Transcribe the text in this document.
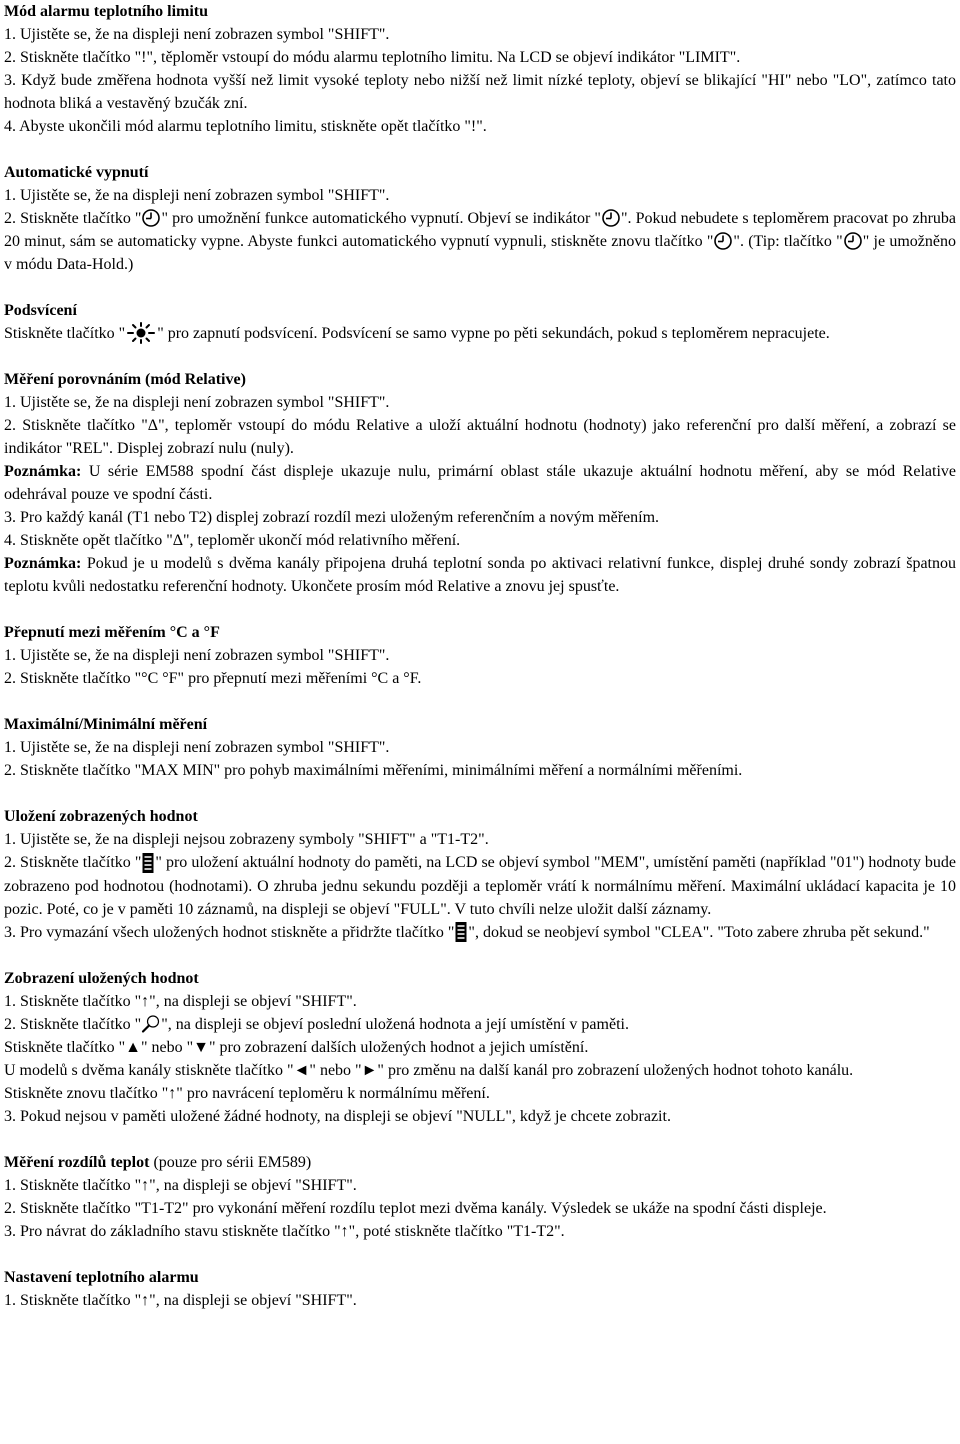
Mód alarmu teplotního limitu
1. Ujistěte se, že na displeji není zobrazen symbol "SHIFT".
2. Stiskněte tlačítko "!", těploměr vstoupí do módu alarmu teplotního limitu. Na LCD se objeví indikátor "LIMIT".
3. Když bude změřena hodnota vyšší než limit vysoké teploty nebo nižší než limit nízké teploty, objeví se blikající "HI" nebo "LO", zatímco tato hodnota bliká a vestavěný bzučák zní.
4. Abyste ukončili mód alarmu teplotního limitu, stiskněte opět tlačítko "!".
Automatické vypnutí
1. Ujistěte se, že na displeji není zobrazen symbol "SHIFT".
2. Stiskněte tlačítko " " pro umožnění funkce automatického vypnutí. Objeví se indikátor " ". Pokud nebudete s teploměrem pracovat po zhruba 20 minut, sám se automaticky vypne. Abyste funkci automatického vypnutí vypnuli, stiskněte znovu tlačítko " ". (Tip: tlačítko " " je umožněno v módu Data-Hold.)
Podsvícení
Stiskněte tlačítko " " pro zapnutí podsvícení. Podsvícení se samo vypne po pěti sekundách, pokud s teploměrem nepracujete.
Měření porovnáním (mód Relative)
1. Ujistěte se, že na displeji není zobrazen symbol "SHIFT".
2. Stiskněte tlačítko "Δ", teploměr vstoupí do módu Relative a uloží aktuální hodnotu (hodnoty) jako referenční pro další měření, a zobrazí se indikátor "REL". Displej zobrazí nulu (nuly).
Poznámka: U série EM588 spodní část displeje ukazuje nulu, primární oblast stále ukazuje aktuální hodnotu měření, aby se mód Relative odehrával pouze ve spodní části.
3. Pro každý kanál (T1 nebo T2) displej zobrazí rozdíl mezi uloženým referenčním a novým měřením.
4. Stiskněte opět tlačítko "Δ", teploměr ukončí mód relativního měření.
Poznámka: Pokud je u modelů s dvěma kanály připojena druhá teplotní sonda po aktivaci relativní funkce, displej druhé sondy zobrazí špatnou teplotu kvůli nedostatku referenční hodnoty. Ukončete prosím mód Relative a znovu jej spusťte.
Přepnutí mezi měřením °C a °F
1. Ujistěte se, že na displeji není zobrazen symbol "SHIFT".
2. Stiskněte tlačítko "°C °F" pro přepnutí mezi měřeními °C a °F.
Maximální/Minimální měření
1. Ujistěte se, že na displeji není zobrazen symbol "SHIFT".
2. Stiskněte tlačítko "MAX MIN" pro pohyb maximálními měřeními, minimálními měření a normálními měřeními.
Uložení zobrazených hodnot
1. Ujistěte se, že na displeji nejsou zobrazeny symboly "SHIFT" a "T1-T2".
2. Stiskněte tlačítko " " pro uložení aktuální hodnoty do paměti, na LCD se objeví symbol "MEM", umístění paměti (například "01") hodnoty bude zobrazeno pod hodnotou (hodnotami). O zhruba jednu sekundu později a teploměr vrátí k normálnímu měření. Maximální ukládací kapacita je 10 pozic. Poté, co je v paměti 10 záznamů, na displeji se objeví "FULL". V tuto chvíli nelze uložit další záznamy.
3. Pro vymazání všech uložených hodnot stiskněte a přidržte tlačítko " ", dokud se neobjeví symbol "CLEA". "Toto zabere zhruba pět sekund."
Zobrazení uložených hodnot
1. Stiskněte tlačítko "↑", na displeji se objeví "SHIFT".
2. Stiskněte tlačítko " ", na displeji se objeví poslední uložená hodnota a její umístění v paměti.
Stiskněte tlačítko "▲" nebo "▼" pro zobrazení dalších uložených hodnot a jejich umístění.
U modelů s dvěma kanály stiskněte tlačítko "◄" nebo "►" pro změnu na další kanál pro zobrazení uložených hodnot tohoto kanálu.
Stiskněte znovu tlačítko "↑" pro navrácení teploměru k normálnímu měření.
3. Pokud nejsou v paměti uložené žádné hodnoty, na displeji se objeví "NULL", když je chcete zobrazit.
Měření rozdílů teplot (pouze pro sérii EM589)
1. Stiskněte tlačítko "↑", na displeji se objeví "SHIFT".
2. Stiskněte tlačítko "T1-T2" pro vykonání měření rozdílu teplot mezi dvěma kanály. Výsledek se ukáže na spodní části displeje.
3. Pro návrat do základního stavu stiskněte tlačítko "↑", poté stiskněte tlačítko "T1-T2".
Nastavení teplotního alarmu
1. Stiskněte tlačítko "↑", na displeji se objeví "SHIFT".
